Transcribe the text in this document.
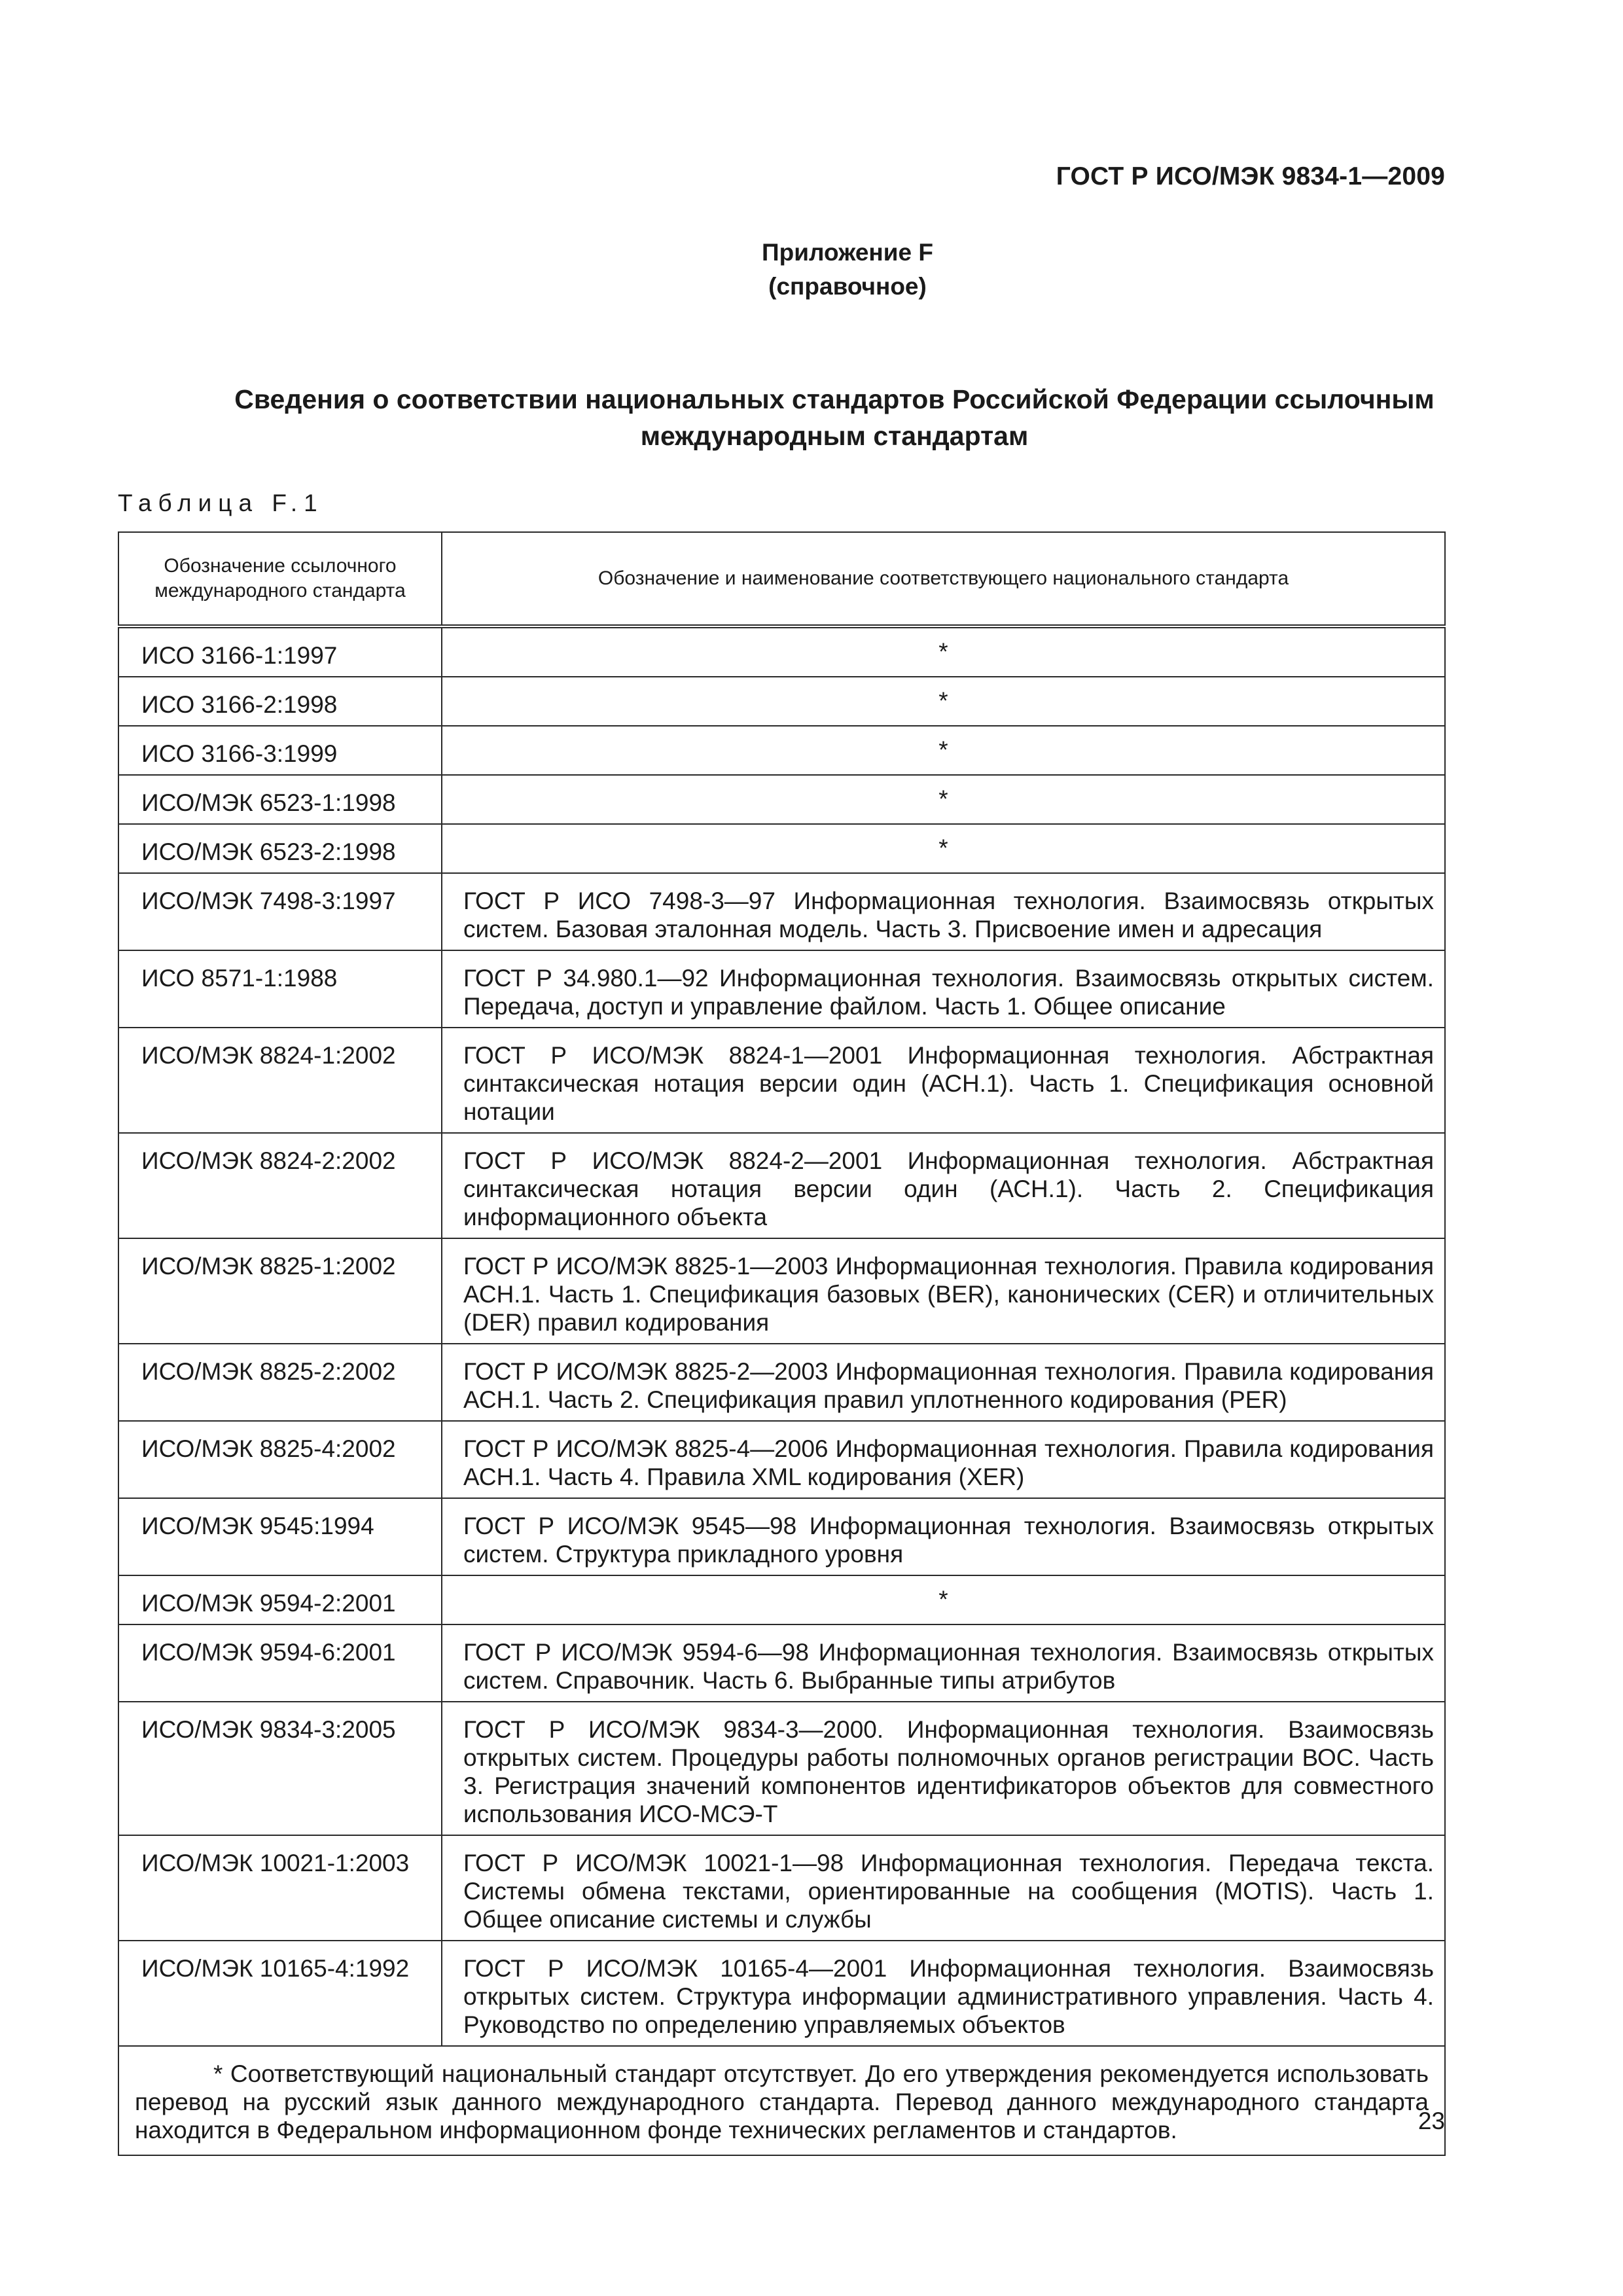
ГОСТ Р ИСО/МЭК 9834-1—2009
Приложение F
(справочное)
Сведения о соответствии национальных стандартов Российской Федерации ссылочным
международным стандартам
Таблица F.1
Обозначение ссылочного международного стандарта	Обозначение и наименование соответствующего национального стандарта
ИСО 3166-1:1997	*
ИСО 3166-2:1998	*
ИСО 3166-3:1999	*
ИСО/МЭК 6523-1:1998	*
ИСО/МЭК 6523-2:1998	*
ИСО/МЭК 7498-3:1997	ГОСТ Р ИСО 7498-3—97 Информационная технология. Взаимосвязь открытых систем. Базовая эталонная модель. Часть 3. Присвоение имен и адресация
ИСО 8571-1:1988	ГОСТ Р 34.980.1—92 Информационная технология. Взаимосвязь открытых систем. Передача, доступ и управление файлом. Часть 1. Общее описание
ИСО/МЭК 8824-1:2002	ГОСТ Р ИСО/МЭК 8824-1—2001 Информационная технология. Абстрактная синтаксическая нотация версии один (АСН.1). Часть 1. Спецификация основной нотации
ИСО/МЭК 8824-2:2002	ГОСТ Р ИСО/МЭК 8824-2—2001 Информационная технология. Абстрактная синтаксическая нотация версии один (АСН.1). Часть 2. Спецификация информационного объекта
ИСО/МЭК 8825-1:2002	ГОСТ Р ИСО/МЭК 8825-1—2003 Информационная технология. Правила кодирования АСН.1. Часть 1. Спецификация базовых (BER), канонических (CER) и отличительных (DER) правил кодирования
ИСО/МЭК 8825-2:2002	ГОСТ Р ИСО/МЭК 8825-2—2003 Информационная технология. Правила кодирования АСН.1. Часть 2. Спецификация правил уплотненного кодирования (PER)
ИСО/МЭК 8825-4:2002	ГОСТ Р ИСО/МЭК 8825-4—2006 Информационная технология. Правила кодирования АСН.1. Часть 4. Правила XML кодирования (XER)
ИСО/МЭК 9545:1994	ГОСТ Р ИСО/МЭК 9545—98 Информационная технология. Взаимосвязь открытых систем. Структура прикладного уровня
ИСО/МЭК 9594-2:2001	*
ИСО/МЭК 9594-6:2001	ГОСТ Р ИСО/МЭК 9594-6—98 Информационная технология. Взаимосвязь открытых систем. Справочник. Часть 6. Выбранные типы атрибутов
ИСО/МЭК 9834-3:2005	ГОСТ Р ИСО/МЭК 9834-3—2000. Информационная технология. Взаимосвязь открытых систем. Процедуры работы полномочных органов регистрации ВОС. Часть 3. Регистрация значений компонентов идентификаторов объектов для совместного использования ИСО-МСЭ-Т
ИСО/МЭК 10021-1:2003	ГОСТ Р ИСО/МЭК 10021-1—98 Информационная технология. Передача текста. Системы обмена текстами, ориентированные на сообщения (MOTIS). Часть 1. Общее описание системы и службы
ИСО/МЭК 10165-4:1992	ГОСТ Р ИСО/МЭК 10165-4—2001 Информационная технология. Взаимосвязь открытых систем. Структура информации административного управления. Часть 4. Руководство по определению управляемых объектов

* Соответствующий национальный стандарт отсутствует. До его утверждения рекомендуется использовать перевод на русский язык данного международного стандарта. Перевод данного международного стандарта находится в Федеральном информационном фонде технических регламентов и стандартов.		23
